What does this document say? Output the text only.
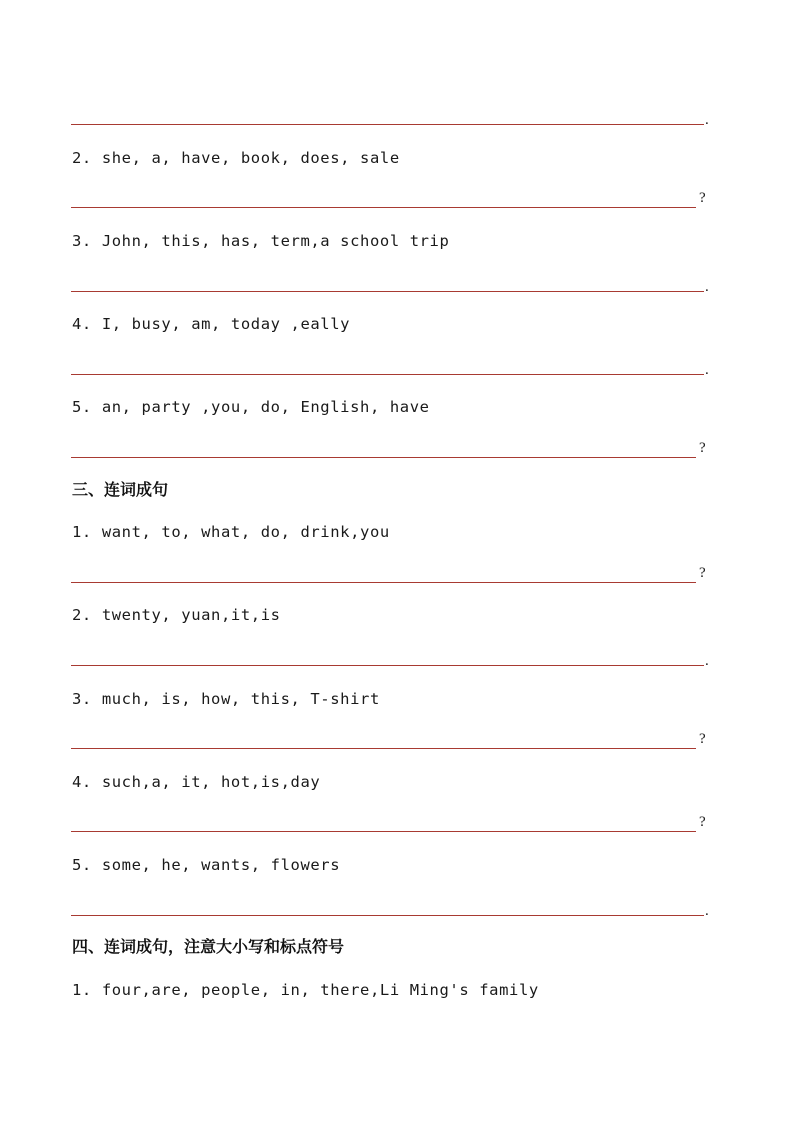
.
2. she, a, have, book, does, sale
?
3. John, this, has, term,a school trip
.
4. I, busy, am, today ,eally
.
5. an, party ,you, do, English, have
?
三、连词成句
1. want, to, what, do, drink,you
?
2. twenty, yuan,it,is
.
3. much, is, how, this, T-shirt
?
4. such,a, it, hot,is,day
?
5. some, he, wants, flowers
.
四、连词成句，注意大小写和标点符号
1. four,are, people, in, there,Li Ming's family
